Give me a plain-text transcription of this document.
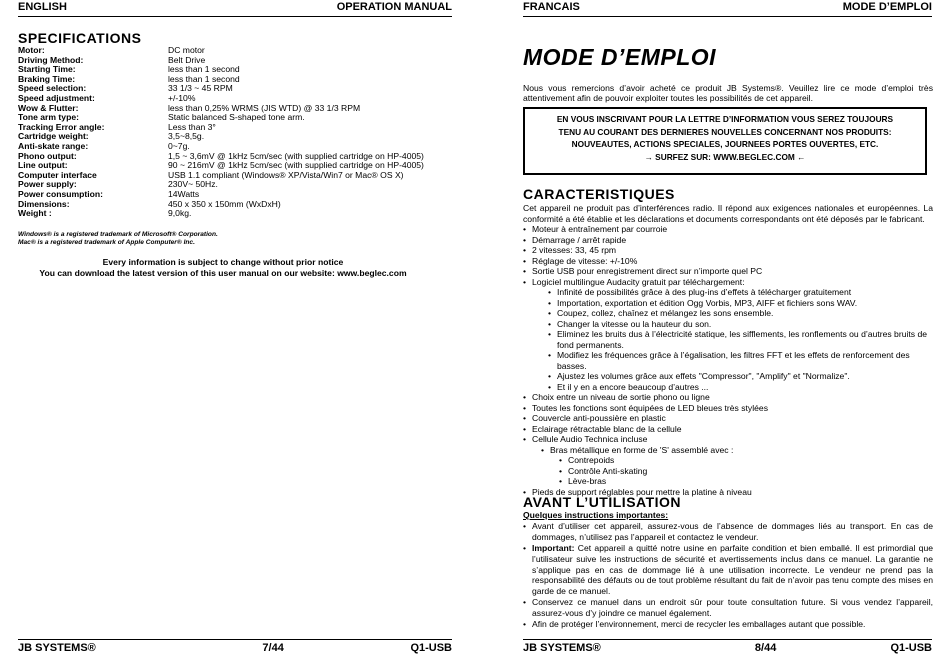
ENGLISH	OPERATION MANUAL
SPECIFICATIONS
Motor:	DC motor
Driving Method:	Belt Drive
Starting Time:	less than 1 second
Braking Time:	less than 1 second
Speed selection:	33 1/3 ~ 45 RPM
Speed adjustment:	+/-10%
Wow & Flutter:	less than 0,25% WRMS (JIS WTD) @ 33 1/3 RPM
Tone arm type:	Static balanced S-shaped tone arm.
Tracking Error angle:	Less than 3°
Cartridge weight:	3,5~8,5g.
Anti-skate range:	0~7g.
Phono output:	1,5 ~ 3,6mV @ 1kHz 5cm/sec (with supplied cartridge on HP-4005)
Line output:	90 ~ 216mV @ 1kHz 5cm/sec (with supplied cartridge on HP-4005)
Computer interface	USB 1.1 compliant (Windows® XP/Vista/Win7 or Mac® OS X)
Power supply:	230V~ 50Hz.
Power consumption:	14Watts
Dimensions:	450 x 350 x 150mm (WxDxH)
Weight :	9,0kg.
Windows® is a registered trademark of Microsoft® Corporation.
Mac® is a registered trademark of Apple Computer® Inc.
Every information is subject to change without prior notice
You can download the latest version of this user manual on our website: www.beglec.com
JB SYSTEMS®	7/44	Q1-USB
FRANCAIS	MODE D’EMPLOI
JB SYSTEMS®	8/44	Q1-USB
MODE D’EMPLOI
Nous vous remercions d’avoir acheté ce produit JB Systems®. Veuillez lire ce mode d’emploi très attentivement afin de pouvoir exploiter toutes les possibilités de cet appareil.
EN VOUS INSCRIVANT POUR LA LETTRE D’INFORMATION VOUS SEREZ TOUJOURS
TENU AU COURANT DES DERNIERES NOUVELLES CONCERNANT NOS PRODUITS:
NOUVEAUTES, ACTIONS SPECIALES, JOURNEES PORTES OUVERTES, ETC.
→ SURFEZ SUR: WWW.BEGLEC.COM ←
CARACTERISTIQUES

Cet appareil ne produit pas d’interférences radio. Il répond aux exigences nationales et européennes. La conformité a été établie et les déclarations et documents correspondants ont été déposés par le fabricant.

• Moteur à entraînement par courroie
• Démarrage / arrêt rapide
• 2 vitesses: 33, 45 rpm
• Réglage de vitesse: +/-10%
• Sortie USB pour enregistrement direct sur n’importe quel PC
• Logiciel multilingue Audacity gratuit par téléchargement:
• Infinité de possibilités grâce à des plug-ins d’effets à télécharger gratuitement
• Importation, exportation et édition Ogg Vorbis, MP3, AIFF et fichiers sons WAV.
• Coupez, collez, chaînez et mélangez les sons ensemble.
• Changer la vitesse ou la hauteur du son.
• Eliminez les bruits dus à l’électricité statique, les sifflements, les ronflements ou d’autres bruits de fond permanents.
• Modifiez les fréquences grâce à l’égalisation, les filtres FFT et les effets de renforcement des basses.
• Ajustez les volumes grâce aux effets "Compressor", "Amplify" et "Normalize".
• Et il y en a encore beaucoup d’autres ...
• Choix entre un niveau de sortie phono ou ligne
• Toutes les fonctions sont équipées de LED bleues très stylées
• Couvercle anti-poussière en plastic
• Eclairage rétractable blanc de la cellule
• Cellule Audio Technica incluse
• Bras métallique en forme de 'S' assemblé avec :
• Contrepoids
• Contrôle Anti-skating
• Lève-bras
• Pieds de support réglables pour mettre la platine à niveau
AVANT L’UTILISATION
Quelques instructions importantes:
• Avant d’utiliser cet appareil, assurez-vous de l’absence de dommages liés au transport. En cas de dommages, n’utilisez pas l’appareil et contactez le vendeur.
• Important: Cet appareil a quitté notre usine en parfaite condition et bien emballé. Il est primordial que l’utilisateur suive les instructions de sécurité et avertissements inclus dans ce manuel. La garantie ne s’applique pas en cas de dommage lié à une utilisation incorrecte. Le vendeur ne prend pas la responsabilité des défauts ou de tout problème résultant du fait de n’avoir pas tenu compte des mises en garde de ce manuel.
• Conservez ce manuel dans un endroit sûr pour toute consultation future. Si vous vendez l’appareil, assurez-vous d’y joindre ce manuel également.
• Afin de protéger l’environnement, merci de recycler les emballages autant que possible.
